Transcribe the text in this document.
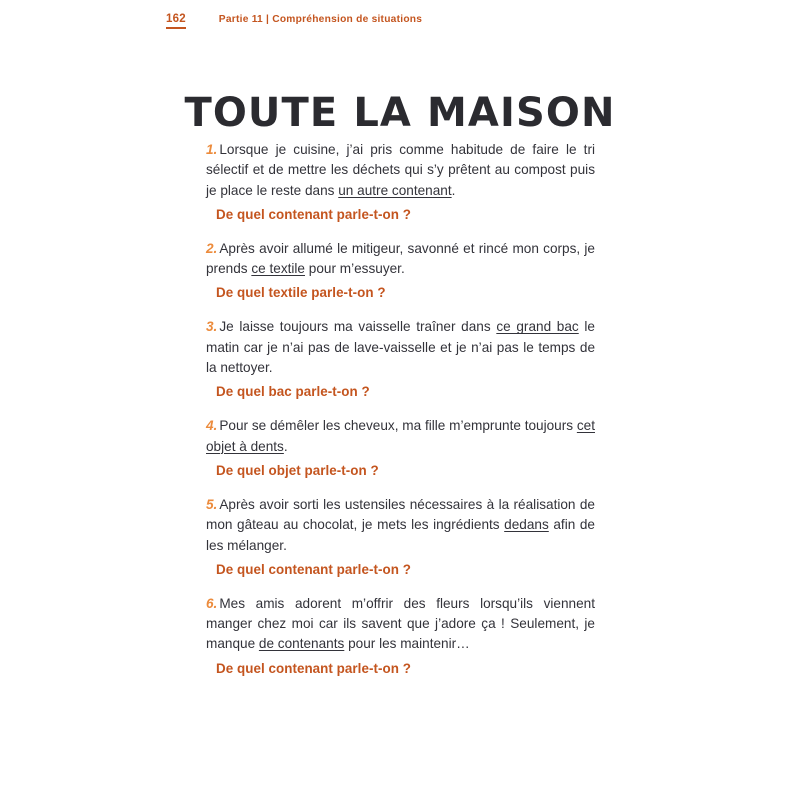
162	Partie 11 | Compréhension de situations
TOUTE LA MAISON

1. Lorsque je cuisine, j’ai pris comme habitude de faire le tri sélectif et de mettre les déchets qui s’y prêtent au compost puis je place le reste dans un autre contenant.

De quel contenant parle-t-on ?

2. Après avoir allumé le mitigeur, savonné et rincé mon corps, je prends ce textile pour m’essuyer.

De quel textile parle-t-on ?

3. Je laisse toujours ma vaisselle traîner dans ce grand bac le matin car je n’ai pas de lave-vaisselle et je n’ai pas le temps de la nettoyer.

De quel bac parle-t-on ?

4. Pour se démêler les cheveux, ma fille m’emprunte toujours cet objet à dents.

De quel objet parle-t-on ?

5. Après avoir sorti les ustensiles nécessaires à la réalisation de mon gâteau au chocolat, je mets les ingrédients dedans afin de les mélanger.

De quel contenant parle-t-on ?

6. Mes amis adorent m’offrir des fleurs lorsqu’ils viennent manger chez moi car ils savent que j’adore ça ! Seulement, je manque de contenants pour les maintenir…

De quel contenant parle-t-on ?
